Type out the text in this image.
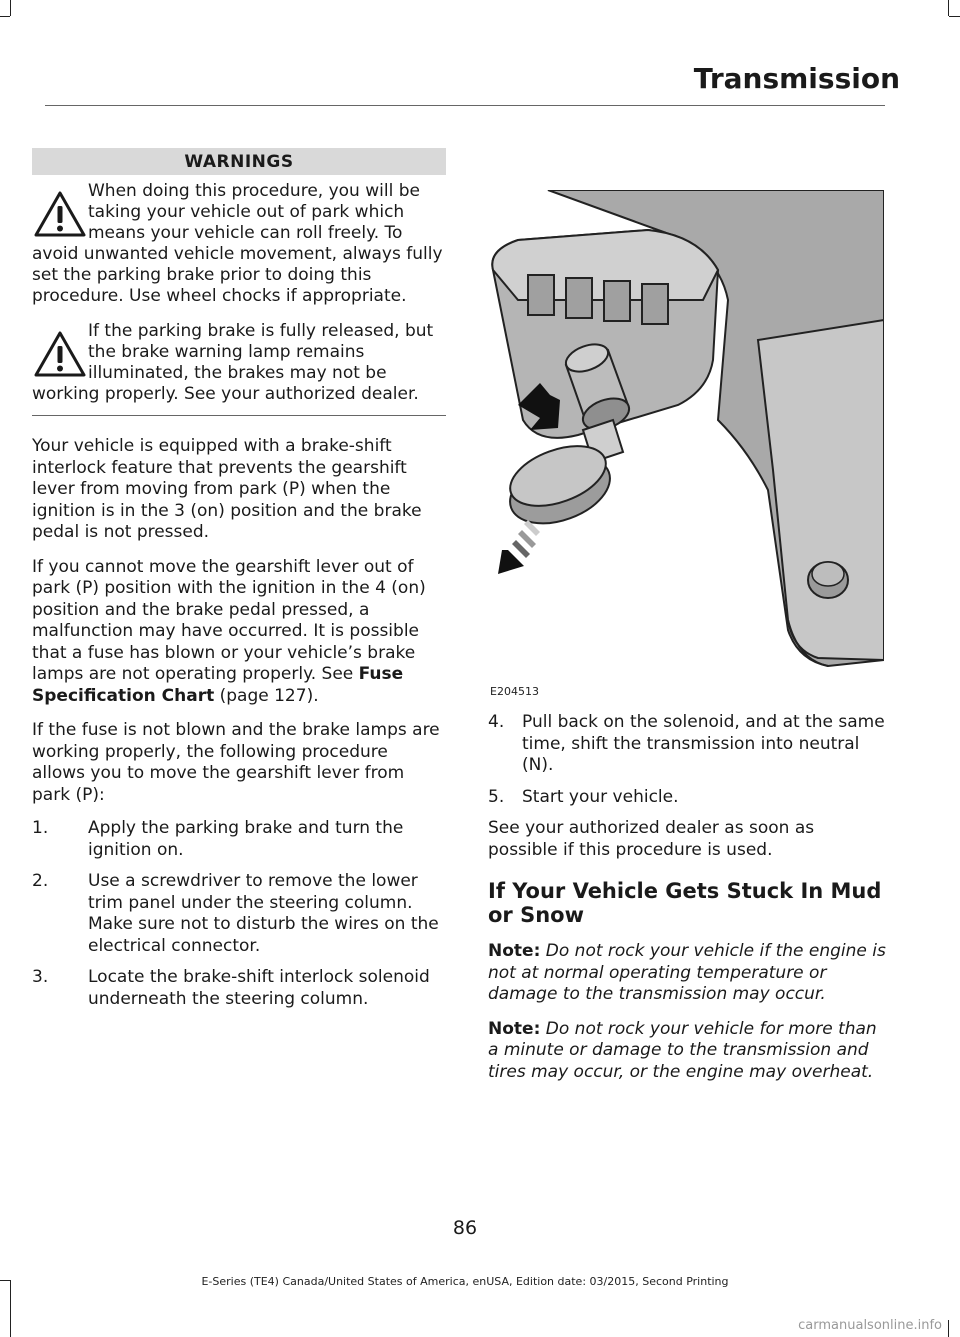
Transmission
WARNINGS

When doing this procedure, you will be taking your vehicle out of park which means your vehicle can roll freely. To avoid unwanted vehicle movement, always fully set the parking brake prior to doing this procedure. Use wheel chocks if appropriate.

If the parking brake is fully released, but the brake warning lamp remains illuminated, the brakes may not be working properly. See your authorized dealer.

Your vehicle is equipped with a brake-shift interlock feature that prevents the gearshift lever from moving from park (P) when the ignition is in the 3 (on) position and the brake pedal is not pressed.

If you cannot move the gearshift lever out of park (P) position with the ignition in the 4 (on) position and the brake pedal pressed, a malfunction may have occurred. It is possible that a fuse has blown or your vehicle’s brake lamps are not operating properly. See Fuse Specification Chart (page 127).

If the fuse is not blown and the brake lamps are working properly, the following procedure allows you to move the gearshift lever from park (P):

1. Apply the parking brake and turn the ignition on.
2. Use a screwdriver to remove the lower trim panel under the steering column. Make sure not to disturb the wires on the electrical connector.
3. Locate the brake-shift interlock solenoid underneath the steering column.
E204513
4. Pull back on the solenoid, and at the same time, shift the transmission into neutral (N).
5. Start your vehicle.

See your authorized dealer as soon as possible if this procedure is used.

If Your Vehicle Gets Stuck In Mud or Snow

Note: Do not rock your vehicle if the engine is not at normal operating temperature or damage to the transmission may occur.

Note: Do not rock your vehicle for more than a minute or damage to the transmission and tires may occur, or the engine may overheat.

86
E-Series (TE4) Canada/United States of America, enUSA, Edition date: 03/2015, Second Printing
carmanualsonline.info
